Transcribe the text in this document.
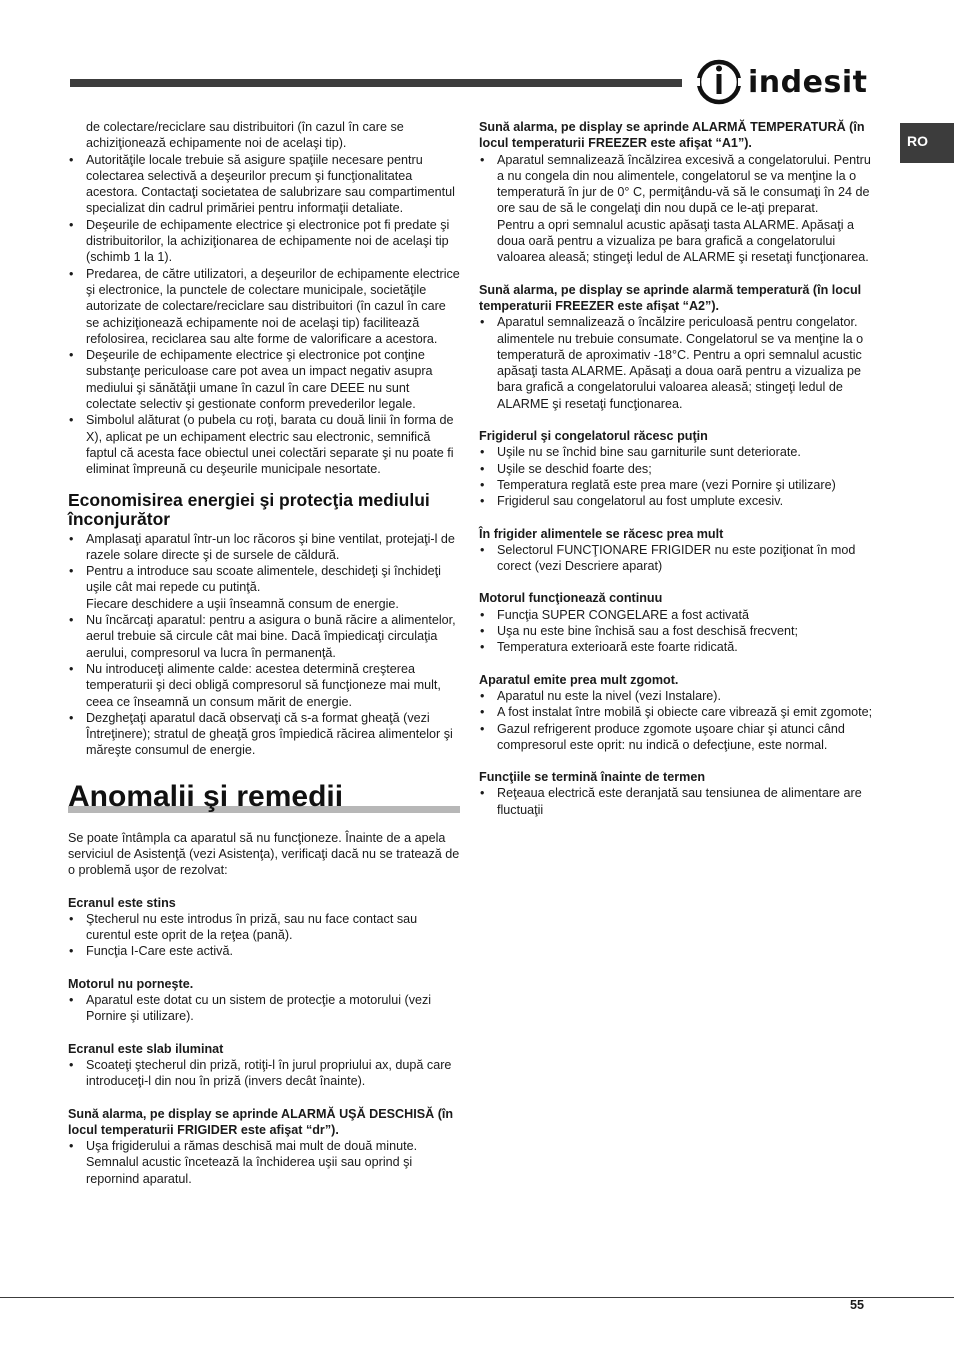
indesit
RO

de colectare/reciclare sau distribuitori (în cazul în care se achiziţionează echipamente noi de acelaşi tip).

• Autorităţile locale trebuie să asigure spaţiile necesare pentru colectarea selectivă a deşeurilor precum şi funcţionalitatea acestora. Contactaţi societatea de salubrizare sau compartimentul specializat din cadrul primăriei pentru informaţii detaliate.
• Deşeurile de echipamente electrice şi electronice pot fi predate şi distribuitorilor, la achiziţionarea de echipamente noi de acelaşi tip (schimb 1 la 1).
• Predarea, de către utilizatori, a deşeurilor de echipamente electrice şi electronice, la punctele de colectare municipale, societăţile autorizate de colectare/reciclare sau distribuitori (în cazul în care se achiziţionează echipamente noi de acelaşi tip) facilitează refolosirea, reciclarea sau alte forme de valorificare a acestora.
• Deşeurile de echipamente electrice şi electronice pot conţine substanţe periculoase care pot avea un impact negativ asupra mediului şi sănătăţii umane în cazul în care DEEE nu sunt colectate selectiv şi gestionate conform prevederilor legale.
• Simbolul alăturat (o pubela cu roţi, barata cu două linii în forma de X), aplicat pe un echipament electric sau electronic, semnifică faptul că acesta face obiectul unei colectări separate şi nu poate fi eliminat împreună cu deşeurile municipale nesortate.
Economisirea energiei şi protecţia mediului înconjurător
• Amplasaţi aparatul într-un loc răcoros şi bine ventilat, protejaţi-l de razele solare directe şi de sursele de căldură.
• Pentru a introduce sau scoate alimentele, deschideţi şi închideţi uşile cât mai repede cu putinţă.
Fiecare deschidere a uşii înseamnă consum de energie.
• Nu încărcaţi aparatul: pentru a asigura o bună răcire a alimentelor, aerul trebuie să circule cât mai bine. Dacă împiedicaţi circulaţia aerului, compresorul va lucra în permanenţă.
• Nu introduceţi alimente calde: acestea determină creşterea temperaturii şi deci obligă compresorul să funcţioneze mai mult, ceea ce înseamnă un consum mărit de energie.
• Dezgheţaţi aparatul dacă observaţi că s-a format gheaţă (vezi Întreţinere); stratul de gheaţă gros împiedică răcirea alimentelor şi măreşte consumul de energie.
Anomalii şi remedii

Se poate întâmpla ca aparatul să nu funcţioneze. Înainte de a apela serviciul de Asistenţă (vezi Asistenţa), verificaţi dacă nu se tratează de o problemă uşor de rezolvat:

Ecranul este stins

• Ştecherul nu este introdus în priză, sau nu face contact sau curentul este oprit de la reţea (pană).
• Funcţia I-Care este activă.

Motorul nu porneşte.

• Aparatul este dotat cu un sistem de protecţie a motorului (vezi Pornire şi utilizare).

Ecranul este slab iluminat

• Scoateţi ştecherul din priză, rotiţi-l în jurul propriului ax, după care introduceţi-l din nou în priză (invers decât înainte).

Sună alarma, pe display se aprinde ALARMĂ UŞĂ DESCHISĂ (în locul temperaturii FRIGIDER este afişat “dr”).

• Uşa frigiderului a rămas deschisă mai mult de două minute.
Semnalul acustic încetează la închiderea uşii sau oprind şi repornind aparatul.

Sună alarma, pe display se aprinde ALARMĂ TEMPERATURĂ (în locul temperaturii FREEZER este afişat “A1”).

• Aparatul semnalizează încălzirea excesivă a congelatorului. Pentru a nu congela din nou alimentele, congelatorul se va menţine la o temperatură în jur de 0° C, permiţându-vă să le consumaţi în 24 de ore sau de să le congelaţi din nou după ce le-aţi preparat.
Pentru a opri semnalul acustic apăsaţi tasta ALARME. Apăsaţi a doua oară pentru a vizualiza pe bara grafică a congelatorului valoarea aleasă; stingeţi ledul de ALARME şi resetaţi funcţionarea.

Sună alarma, pe display se aprinde alarmă temperatură (în locul temperaturii FREEZER este afişat “A2”).

• Aparatul semnalizează o încălzire periculoasă pentru congelator. alimentele nu trebuie consumate. Congelatorul se va menţine la o temperatură de aproximativ -18°C. Pentru a opri semnalul acustic apăsaţi tasta ALARME. Apăsaţi a doua oară pentru a vizualiza pe bara grafică a congelatorului valoarea aleasă; stingeţi ledul de ALARME şi resetaţi funcţionarea.

Frigiderul şi congelatorul răcesc puţin

• Uşile nu se închid bine sau garniturile sunt deteriorate.
• Uşile se deschid foarte des;
• Temperatura reglată este prea mare (vezi Pornire şi utilizare)
• Frigiderul sau congelatorul au fost umplute excesiv.

În frigider alimentele se răcesc prea mult

• Selectorul FUNCŢIONARE FRIGIDER nu este poziţionat în mod corect (vezi Descriere aparat)

Motorul funcţionează continuu

• Funcţia SUPER CONGELARE a fost activată
• Uşa nu este bine închisă sau a fost deschisă frecvent;
• Temperatura exterioară este foarte ridicată.

Aparatul emite prea mult zgomot.

• Aparatul nu este la nivel (vezi Instalare).
• A fost instalat între mobilă şi obiecte care vibrează şi emit zgomote;
• Gazul refrigerent produce zgomote uşoare chiar şi atunci când compresorul este oprit: nu indică o defecţiune, este normal.

Funcţiile se termină înainte de termen

• Reţeaua electrică este deranjată sau tensiunea de alimentare are fluctuaţii
55
